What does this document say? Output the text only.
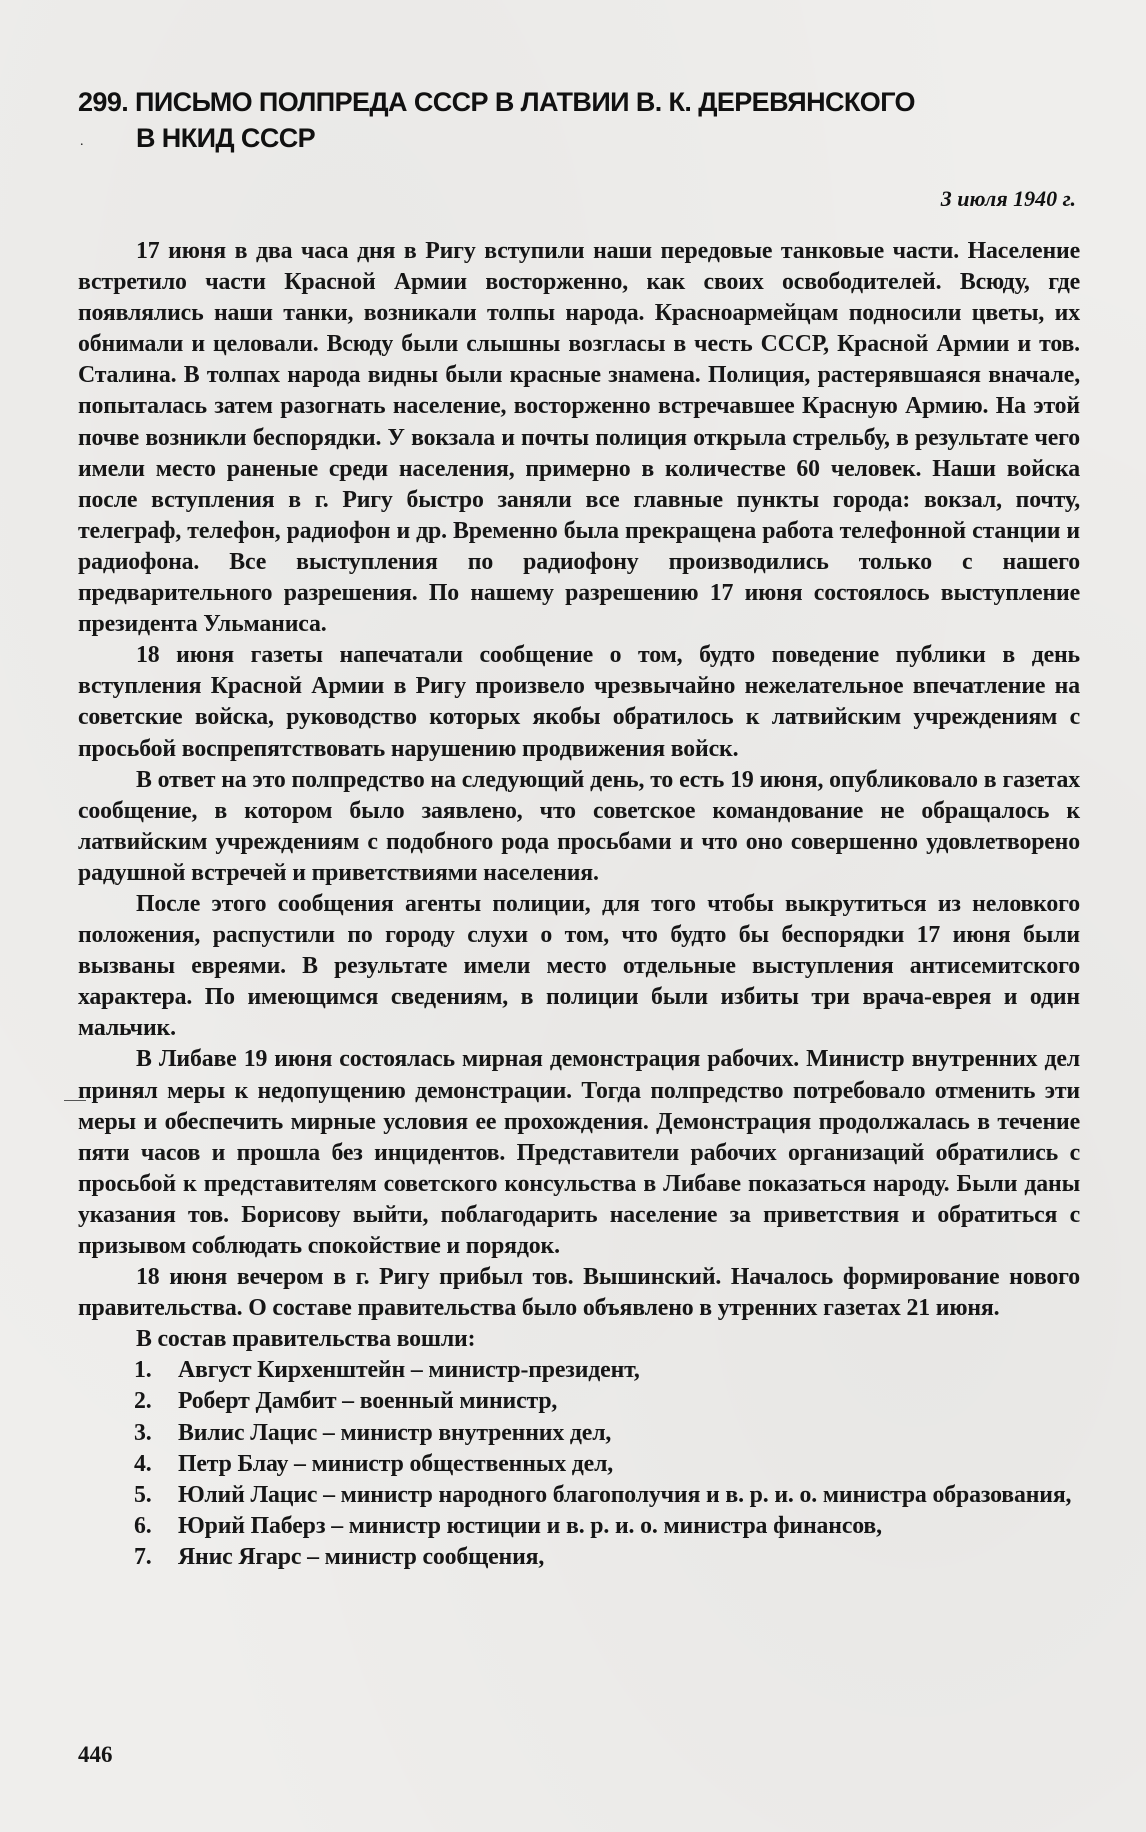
.
299. ПИСЬМО ПОЛПРЕДА СССР В ЛАТВИИ В. К. ДЕРЕВЯНСКОГО
В НКИД СССР
3 июля 1940 г.

17 июня в два часа дня в Ригу вступили наши передовые танковые части. Население встретило части Красной Армии восторженно, как своих освободителей. Всюду, где появлялись наши танки, возникали толпы народа. Красноармейцам подносили цветы, их обнимали и целовали. Всюду были слышны возгласы в честь СССР, Красной Армии и тов. Сталина. В толпах народа видны были красные знамена. Полиция, растерявшаяся вначале, попыталась затем разогнать население, восторженно встречавшее Красную Армию. На этой почве возникли беспорядки. У вокзала и почты полиция открыла стрельбу, в результате чего имели место раненые среди населения, примерно в количестве 60 человек. Наши войска после вступления в г. Ригу быстро заняли все главные пункты города: вокзал, почту, телеграф, телефон, радиофон и др. Временно была прекращена работа телефонной станции и радиофона. Все выступления по радиофону производились только с нашего предварительного разрешения. По нашему разрешению 17 июня состоялось выступление президента Ульманиса.

18 июня газеты напечатали сообщение о том, будто поведение публики в день вступления Красной Армии в Ригу произвело чрезвычайно нежелательное впечатление на советские войска, руководство которых якобы обратилось к латвийским учреждениям с просьбой воспрепятствовать нарушению продвижения войск.

В ответ на это полпредство на следующий день, то есть 19 июня, опубликовало в газетах сообщение, в котором было заявлено, что советское командование не обращалось к латвийским учреждениям с подобного рода просьбами и что оно совершенно удовлетворено радушной встречей и приветствиями населения.

После этого сообщения агенты полиции, для того чтобы выкрутиться из неловкого положения, распустили по городу слухи о том, что будто бы беспорядки 17 июня были вызваны евреями. В результате имели место отдельные выступления антисемитского характера. По имеющимся сведениям, в полиции были избиты три врача-еврея и один мальчик.

В Либаве 19 июня состоялась мирная демонстрация рабочих. Министр внутренних дел принял меры к недопущению демонстрации. Тогда полпредство потребовало отменить эти меры и обеспечить мирные условия ее прохождения. Демонстрация продолжалась в течение пяти часов и прошла без инцидентов. Представители рабочих организаций обратились с просьбой к представителям советского консульства в Либаве показаться народу. Были даны указания тов. Борисову выйти, поблагодарить население за приветствия и обратиться с призывом соблюдать спокойствие и порядок.

18 июня вечером в г. Ригу прибыл тов. Вышинский. Началось формирование нового правительства. О составе правительства было объявлено в утренних газетах 21 июня.

В состав правительства вошли:
1. Август Кирхенштейн – министр-президент,
2. Роберт Дамбит – военный министр,
3. Вилис Лацис – министр внутренних дел,
4. Петр Блау – министр общественных дел,
5. Юлий Лацис – министр народного благополучия и в. р. и. о. министра образования,
6. Юрий Паберз – министр юстиции и в. р. и. о. министра финансов,
7. Янис Ягарс – министр сообщения,
446
